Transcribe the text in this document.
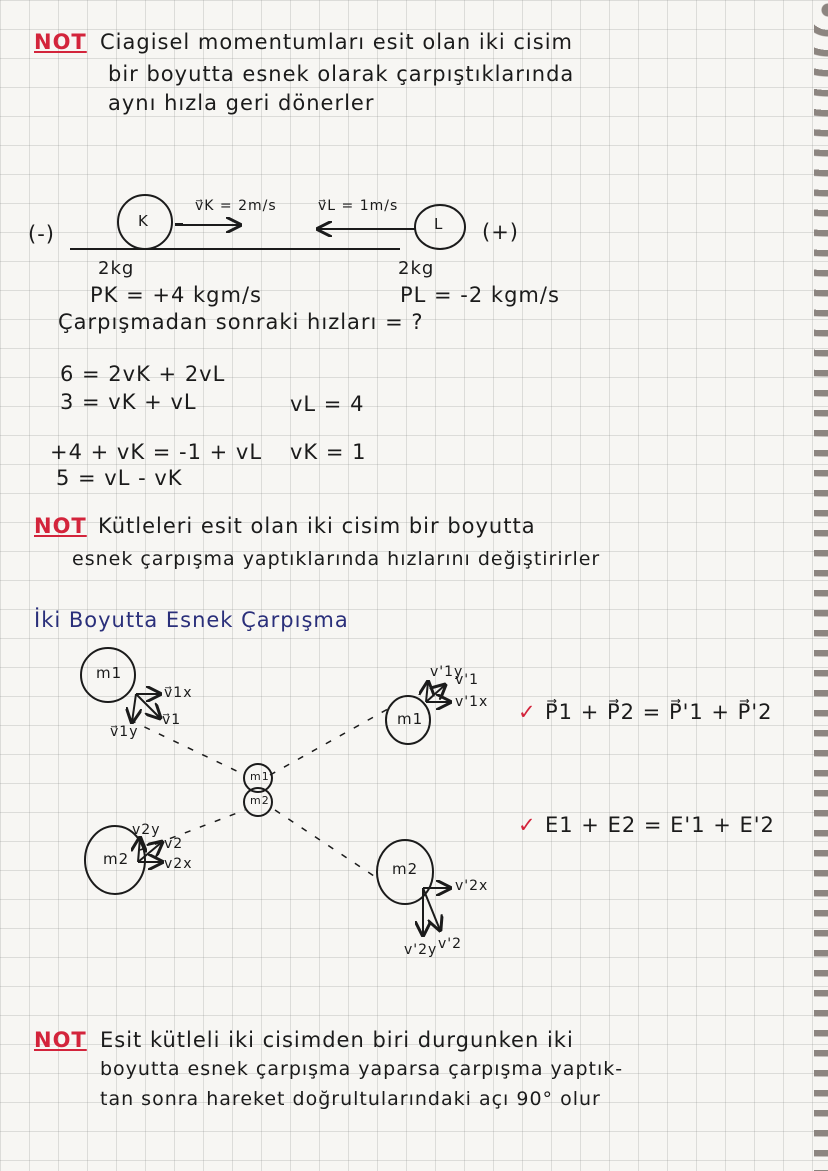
NOT Ciagisel momentumları esit olan iki cisim
bir boyutta esnek olarak çarpıştıklarında
aynı hızla geri dönerler
(-)
K
v⃗K = 2m/s	v⃗L = 1m/s
L (+)
2kg	2kg
PK = +4 kgm/s	PL = -2 kgm/s
Çarpışmadan sonraki hızları = ?
6 = 2vK + 2vL
3 = vK + vL
+4 + vK = -1 + vL
5 = vL - vK
vL = 4
vK = 1
NOT Kütleleri esit olan iki cisim bir boyutta
esnek çarpışma yaptıklarında hızlarını değiştirirler
İki Boyutta Esnek Çarpışma
m1
v⃗1x
v⃗1y
v⃗1	m1
v'1y
v'1
v'1x
m1
m2
m2
v2y
v2
v2x	m2
v'2x
v'2y v'2
✓ P⃗1 + P⃗2 = P⃗'1 + P⃗'2
✓ E1 + E2 = E'1 + E'2
NOT Esit kütleli iki cisimden biri durgunken iki
boyutta esnek çarpışma yaparsa çarpışma yaptık-
tan sonra hareket doğrultularındaki açı 90° olur
